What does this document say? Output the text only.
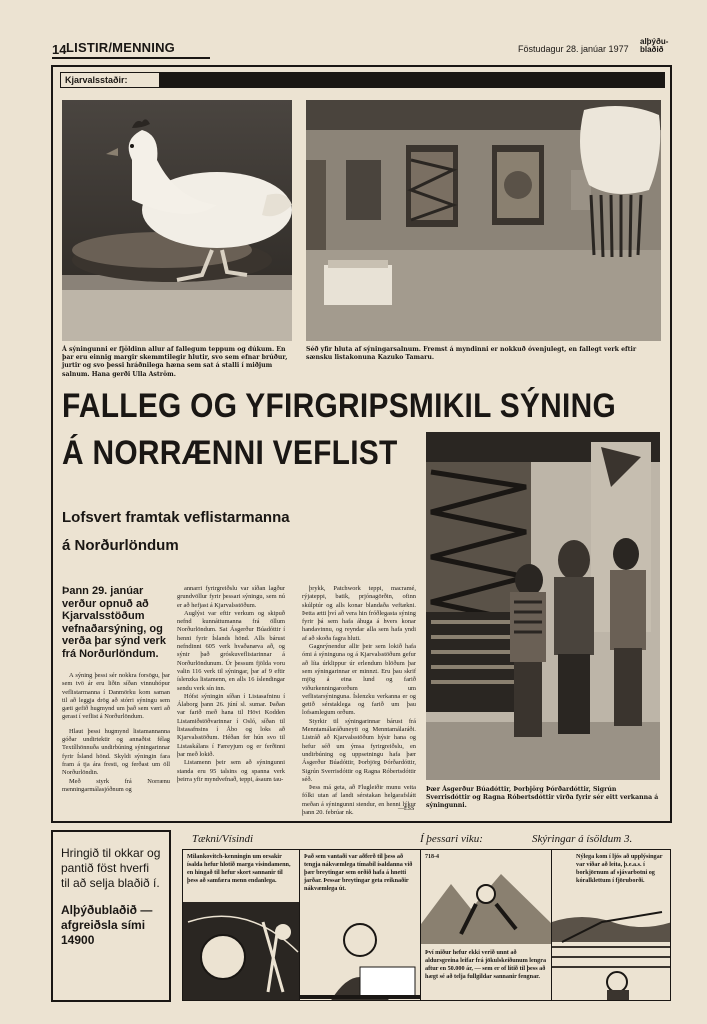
14 LISTIR/MENNING	Föstudagur 28. janúar 1977
alþýðu-blaðið
Kjarvalsstaðir:
Á sýningunni er fjöldinn allur af fallegum teppum og dúkum. En þar eru einnig margir skemmtilegir hlutir, svo sem efnar brúður, jurtir og svo þessi hráðnilega hæna sem sat á stalli í miðjum salnum. Hana gerði Ulla Aström.
Séð yfir hluta af sýningarsalnum. Fremst á myndinni er nokkuð óvenjulegt, en fallegt verk eftir sænsku listakonuna Kazuko Tamaru.
FALLEG OG YFIRGRIPSMIKIL SÝNING
Á NORRÆNNI VEFLIST
Lofsvert framtak veflistarmanna
á Norðurlöndum
Þann 29. janúar verður opnuð að Kjarvalsstöðum vefnaðarsýning, og verða þar sýnd verk frá Norðurlöndum.

A sýning þessi sér nokkra forsögu, þar sem tvö ár eru liðin síðan vinnuhópur veflistarmanna í Danmörku kom saman til að leggja drög að stórri sýningu sem gæti gefið hugmynd um það sem væri að gerast í veflist á Norðurlöndum.

Hlaut þessi hugmynd listamannanna góðar undirtektir og annaðist félag Textílhönnuða undirbúning sýningarinnar fyrir Ísland hönd. Skyldi sýningin fara fram á tja ára fresti, og ferðast um öll Norðurlöndin.

Með styrk frá Norrænu menningarmálasjóðnum og

annarri fyrirgreiðslu var síðan lagður grundvöllur fyrir þessari sýningu, sem nú er að hefjast á Kjarvalsstöðum.

Auglýst var eftir verkum og skipuð nefnd kunnáttumanna frá öllum Norðurlöndum. Sat Ásgerður Búadóttir í henni fyrir Íslands hönd. Alls bárust nefndinni 605 verk hvaðanæva að, og sýnir það gróskuveflistarinnar á Norðurlöndunum. Úr þessum fjölda voru valin 116 verk til sýningar, þar af 9 eftir íslenzka listamenn, en alls 16 íslendingar sendu verk sín inn.

Hófst sýningin síðan í Listasafninu í Álaborg þann 26. júní sl. sumar. Þaðan var farið með hana til Hövi Kodden Listamiðstöðvarinnar í Osló, síðan til listasafnsins í Åbo og loks að Kjarvalsstöðum. Héðan fer hún svo til Listaskálans í Færeyjum og er ferðinni þar með lokið.

Listamenn þeir sem að sýningunni standa eru 95 talsins og spanna verk þeirra yfir myndvefnað, teppi, ásaum tau-

þrykk, Patchwork teppi, macramé, rýjateppi, batik, prjónagörðin, ofinn skúlptúr og alls konar blandaða veftækni. Þetta ætti því að vera hin fróðlegasta sýning fyrir þá sem hafa áhuga á hvers konar handavinnu, og reyndar alla sem hafa yndi af að skoða fagra hluti.

Gagnrýnendur allir þeir sem lokið hafa ómi á sýninguna og á Kjarvalsstöðum gefur að líta úrklippur úr erlendum blöðum þar sem sýningarinnar er minnzt. Eru þau skrif mjög á eina lund og farið viðurkenningarorðum um veflistarsýninguna. Íslenzku verkanna er og getið sérstaklega og farið um þau lofsamlegum orðum.

Styrkir til sýningarinnar bárust frá Menntamálaráðuneyti og Menntamálaráði. Listráð að Kjarvalsstöðum hýsir hana og hefur séð um ýmsa fyrirgreiðslu, en undirbúning og uppsetningu hafa þær Ásgerður Búadóttir, Þorbjörg Þórðardóttir, Sigrún Sverrisdóttir og Ragna Róbertsdóttir séð.

Þess má geta, að Flugleiðir munu veita fólki utan af landi sérstakan helgarafslátt meðan á sýningunni stendur, en henni lýkur þann 20. febrúar nk.

—ESS
Þær Ásgerður Búadóttir, Þorbjörg Þórðardóttir, Sigrún Sverrisdóttir og Ragna Róbertsdóttir virða fyrir sér eitt verkanna á sýningunni.
Hringið til okkar og pantið föst hverfi til að selja blaðið í.
Alþýðublaðið — afgreiðsla sími 14900
Tækni/Vísindi	Í þessari viku:	Skýringar á ísöldum 3.
Milankovitch-kenningin um orsakir ísalda hefur hlotið marga vísindamenn, en hingað til hefur skort sannanir til þess að samfæra menn endanlega.
Það sem vantaði var aðferð til þess að tengja nákvæmlega tímabil ísaldanna við þær breytingar sem orðið hafa á hnetti jarðar. Þessar breytingar geta reiknaðir nákvæmlega út.
718-4
Því miður hefur ekki verið unnt að aldursgreina leifar frá jökulskeiðunum lengra aftur en 50.000 ár, — sem er of lítið til þess að hægt sé að telja fullgildar sannanir fengnar.
Nýlega kom í ljós að upplýsingar var víðar að leita, þ.e.a.s. í borkjörnum af sjávarbotni og kóralklettum í fjöruborði.
